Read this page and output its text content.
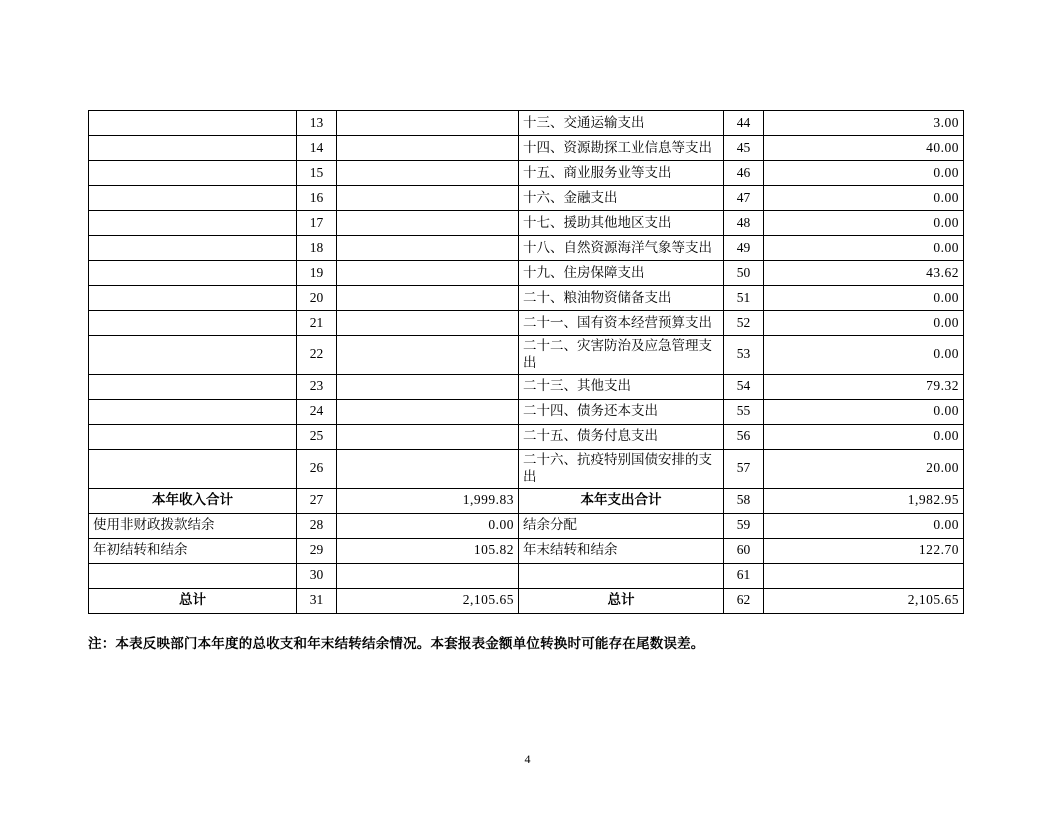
	13		十三、交通运输支出	44	3.00
	14		十四、资源勘探工业信息等支出	45	40.00
	15		十五、商业服务业等支出	46	0.00
	16		十六、金融支出	47	0.00
	17		十七、援助其他地区支出	48	0.00
	18		十八、自然资源海洋气象等支出	49	0.00
	19		十九、住房保障支出	50	43.62
	20		二十、粮油物资储备支出	51	0.00
	21		二十一、国有资本经营预算支出	52	0.00
	22		二十二、灾害防治及应急管理支出	53	0.00
	23		二十三、其他支出	54	79.32
	24		二十四、债务还本支出	55	0.00
	25		二十五、债务付息支出	56	0.00
	26		二十六、抗疫特别国债安排的支出	57	20.00
本年收入合计	27	1,999.83	本年支出合计	58	1,982.95
使用非财政拨款结余	28	0.00	结余分配	59	0.00
年初结转和结余	29	105.82	年末结转和结余	60	122.70
	30			61	
总计	31	2,105.65	总计	62	2,105.65
注：本表反映部门本年度的总收支和年末结转结余情况。本套报表金额单位转换时可能存在尾数误差。
4
